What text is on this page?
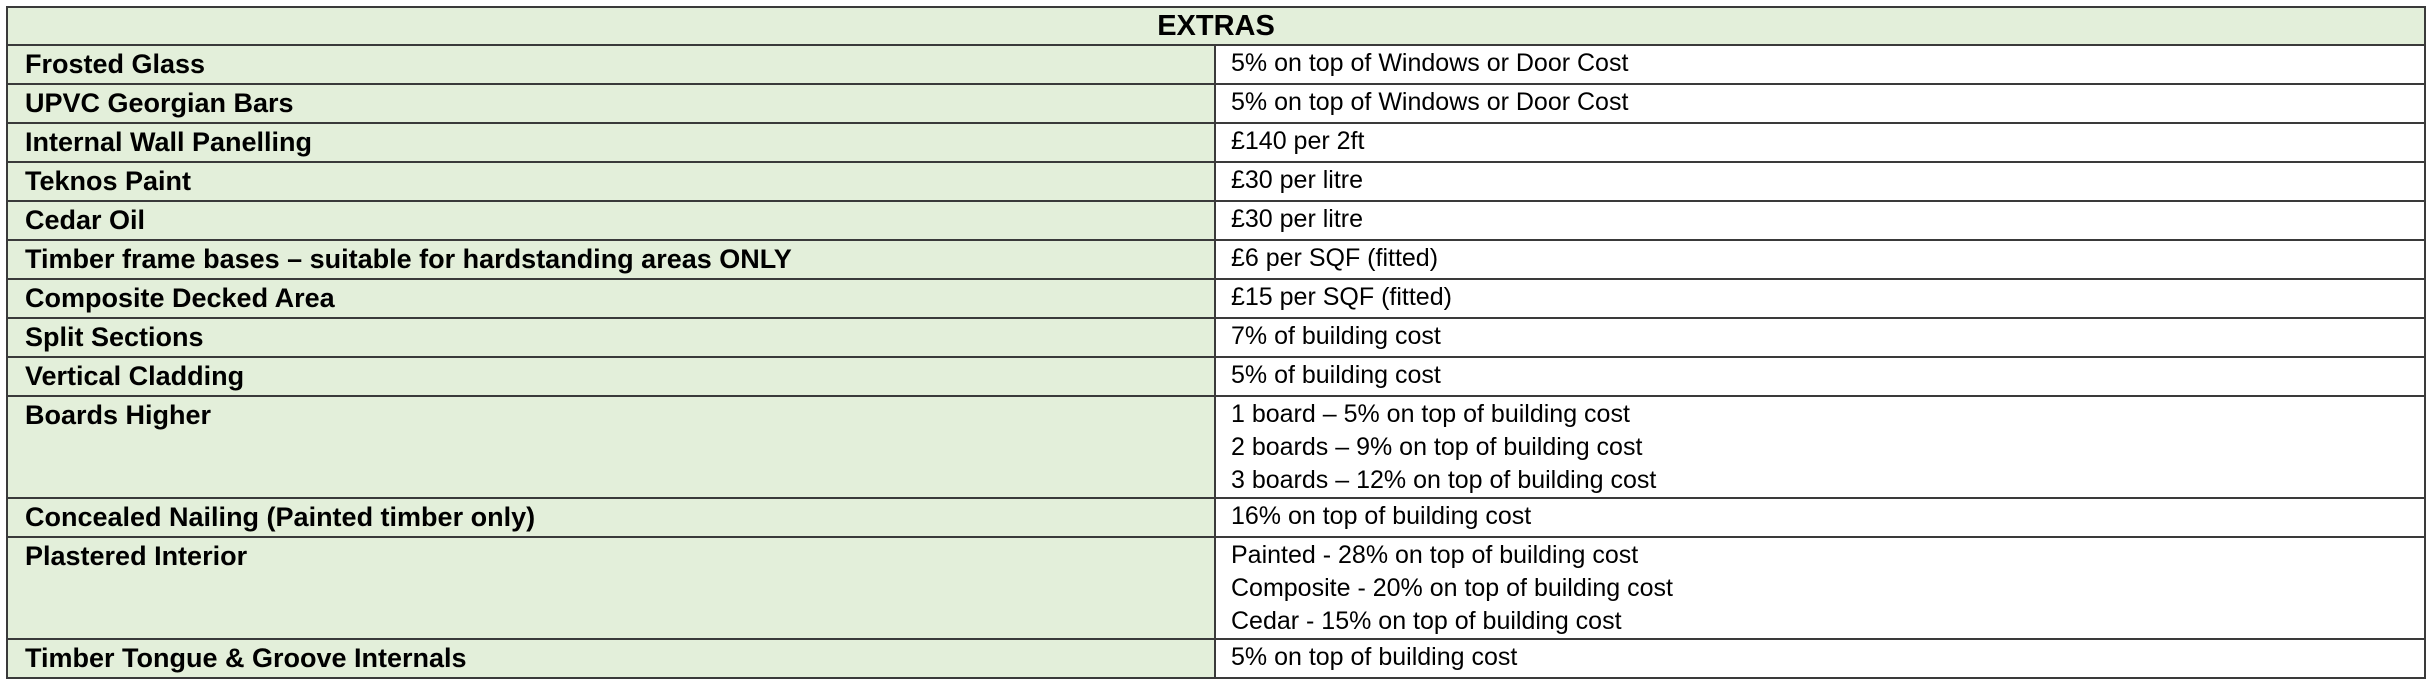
EXTRAS	
Frosted Glass	5% on top of Windows or Door Cost

UPVC Georgian Bars	5% on top of Windows or Door Cost

Internal Wall Panelling	£140 per 2ft

Teknos Paint	£30 per litre

Cedar Oil	£30 per litre

Timber frame bases – suitable for hardstanding areas ONLY	£6 per SQF (fitted)

Composite Decked Area	£15 per SQF (fitted)

Split Sections	7% of building cost

Vertical Cladding	5% of building cost

Boards Higher	1 board – 5% on top of building cost
2 boards – 9% on top of building cost
3 boards – 12% on top of building cost

Concealed Nailing (Painted timber only)	16% on top of building cost

Plastered Interior	Painted - 28% on top of building cost
Composite - 20% on top of building cost
Cedar - 15% on top of building cost

Timber Tongue & Groove Internals	5% on top of building cost
